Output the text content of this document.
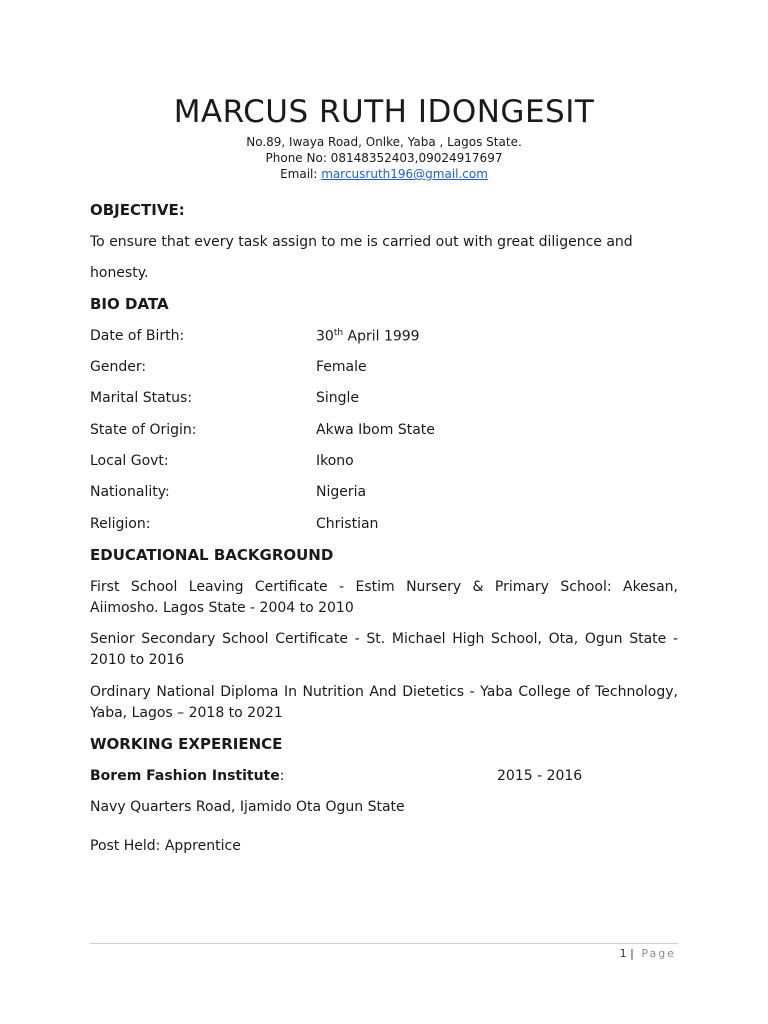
MARCUS RUTH IDONGESIT
No.89, Iwaya Road, Onlke, Yaba , Lagos State.
Phone No: 08148352403,09024917697
Email: marcusruth196@gmail.com
OBJECTIVE:
To ensure that every task assign to me is carried out with great diligence and
honesty.
BIO DATA
Date of Birth:	30th April 1999
Gender:	Female
Marital Status:	Single
State of Origin:	Akwa Ibom State
Local Govt:	Ikono
Nationality:	Nigeria
Religion:	Christian
EDUCATIONAL BACKGROUND
First School Leaving Certificate - Estim Nursery & Primary School: Akesan, Aiimosho. Lagos State - 2004 to 2010
Senior Secondary School Certificate - St. Michael High School, Ota, Ogun State - 2010 to 2016
Ordinary National Diploma In Nutrition And Dietetics - Yaba College of Technology, Yaba, Lagos – 2018 to 2021
WORKING EXPERIENCE
Borem Fashion Institute:	2015 - 2016
Navy Quarters Road, Ijamido Ota Ogun State
Post Held: Apprentice
1 | Page
